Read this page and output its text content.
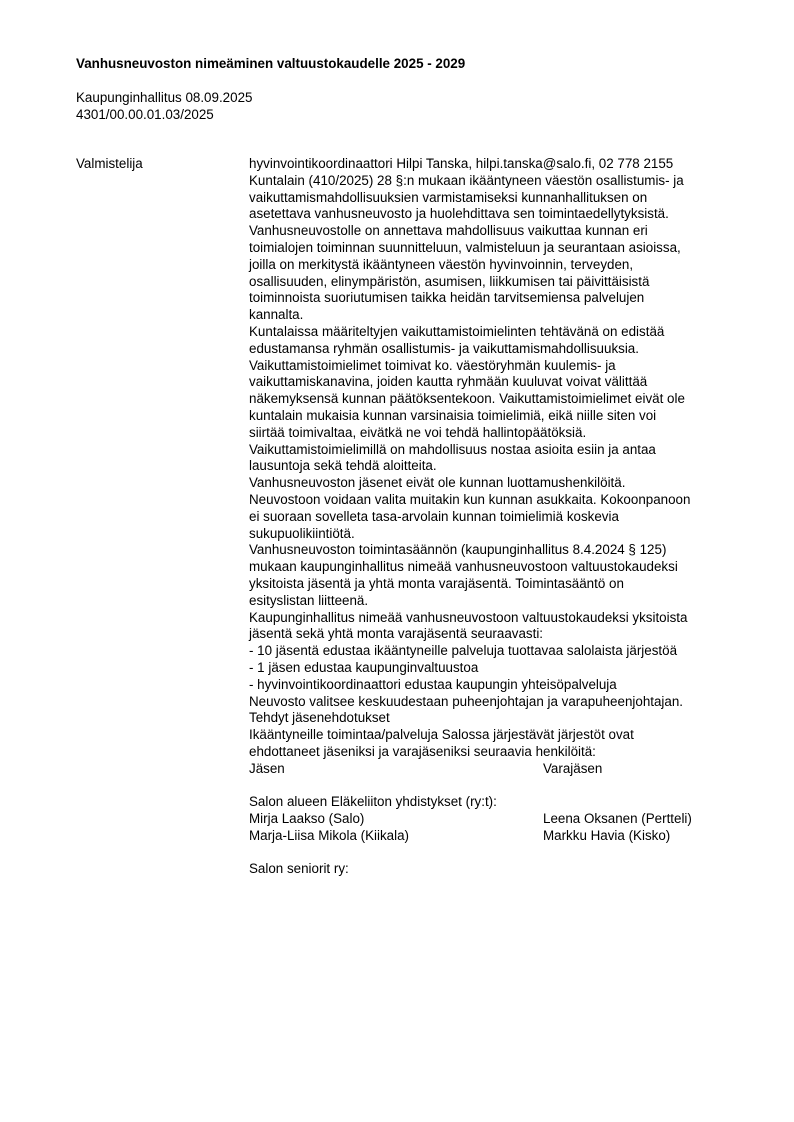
Vanhusneuvoston nimeäminen valtuustokaudelle 2025 - 2029
Kaupunginhallitus 08.09.2025
4301/00.00.01.03/2025
Valmistelija	hyvinvointikoordinaattori Hilpi Tanska, hilpi.tanska@salo.fi, 02 778 2155

Kuntalain (410/2025) 28 §:n mukaan ikääntyneen väestön osallistumis- ja
vaikuttamismahdollisuuksien varmistamiseksi kunnanhallituksen on
asetettava vanhusneuvosto ja huolehdittava sen toimintaedellytyksistä.

Vanhusneuvostolle on annettava mahdollisuus vaikuttaa kunnan eri
toimialojen toiminnan suunnitteluun, valmisteluun ja seurantaan asioissa,
joilla on merkitystä ikääntyneen väestön hyvinvoinnin, terveyden,
osallisuuden, elinympäristön, asumisen, liikkumisen tai päivittäisistä
toiminnoista suoriutumisen taikka heidän tarvitsemiensa palvelujen
kannalta.

Kuntalaissa määriteltyjen vaikuttamistoimielinten tehtävänä on edistää
edustamansa ryhmän osallistumis- ja vaikuttamismahdollisuuksia.
Vaikuttamistoimielimet toimivat ko. väestöryhmän kuulemis- ja
vaikuttamiskanavina, joiden kautta ryhmään kuuluvat voivat välittää
näkemyksensä kunnan päätöksentekoon. Vaikuttamistoimielimet eivät ole
kuntalain mukaisia kunnan varsinaisia toimielimiä, eikä niille siten voi
siirtää toimivaltaa, eivätkä ne voi tehdä hallintopäätöksiä.

Vaikuttamistoimielimillä on mahdollisuus nostaa asioita esiin ja antaa
lausuntoja sekä tehdä aloitteita.

Vanhusneuvoston jäsenet eivät ole kunnan luottamushenkilöitä.
Neuvostoon voidaan valita muitakin kun kunnan asukkaita. Kokoonpanoon
ei suoraan sovelleta tasa-arvolain kunnan toimielimiä koskevia
sukupuolikiintiötä.

Vanhusneuvoston toimintasäännön (kaupunginhallitus 8.4.2024 § 125)
mukaan kaupunginhallitus nimeää vanhusneuvostoon valtuustokaudeksi
yksitoista jäsentä ja yhtä monta varajäsentä. Toimintasääntö on
esityslistan liitteenä.

Kaupunginhallitus nimeää vanhusneuvostoon valtuustokaudeksi yksitoista
jäsentä sekä yhtä monta varajäsentä seuraavasti:
- 10 jäsentä edustaa ikääntyneille palveluja tuottavaa salolaista järjestöä
- 1 jäsen edustaa kaupunginvaltuustoa
- hyvinvointikoordinaattori edustaa kaupungin yhteisöpalveluja

Neuvosto valitsee keskuudestaan puheenjohtajan ja varapuheenjohtajan.

Tehdyt jäsenehdotukset

Ikääntyneille toimintaa/palveluja Salossa järjestävät järjestöt ovat
ehdottaneet jäseniksi ja varajäseniksi seuraavia henkilöitä:

Jäsen	Varajäsen

Salon alueen Eläkeliiton yhdistykset (ry:t):

Mirja Laakso (Salo)	Leena Oksanen (Pertteli)
Marja-Liisa Mikola (Kiikala)	Markku Havia (Kisko)

Salon seniorit ry:
